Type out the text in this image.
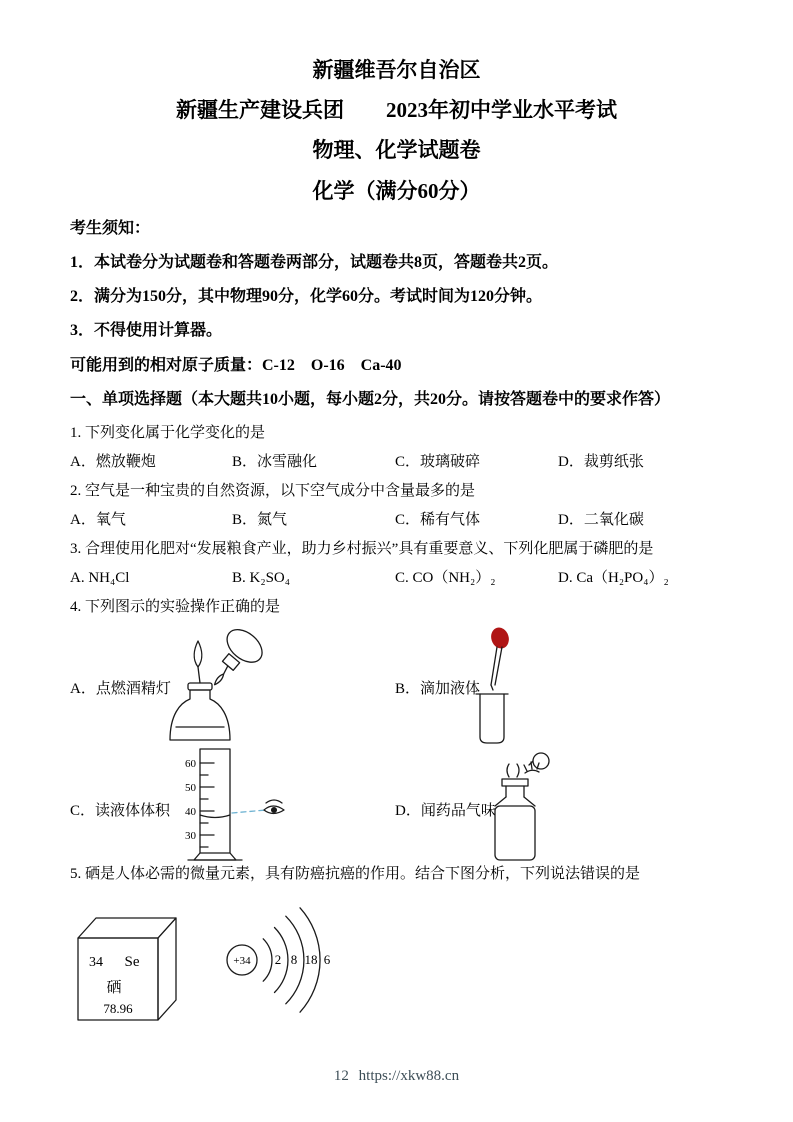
新疆维吾尔自治区
新疆生产建设兵团　　2023年初中学业水平考试
物理、化学试题卷
化学（满分60分）

考生须知：

1．本试卷分为试题卷和答题卷两部分，试题卷共8页，答题卷共2页。

2．满分为150分，其中物理90分，化学60分。考试时间为120分钟。

3．不得使用计算器。

可能用到的相对原子质量：C-12　O-16　Ca-40

一、单项选择题（本大题共10小题，每小题2分，共20分。请按答题卷中的要求作答）

1. 下列变化属于化学变化的是

A．燃放鞭炮	B．冰雪融化	C．玻璃破碎	D．裁剪纸张

2. 空气是一种宝贵的自然资源，以下空气成分中含量最多的是

A．氧气	B．氮气	C．稀有气体	D．二氧化碳

3. 合理使用化肥对“发展粮食产业，助力乡村振兴”具有重要意义、下列化肥属于磷肥的是

A. NH₄Cl	B. K₂SO₄	C. CO（NH₂）₂	D. Ca（H₂PO₄）₂

4. 下列图示的实验操作正确的是

A．点燃酒精灯	B．滴加液体
C．读液体体积
60
50
40
30
D．闻药品气味

5. 硒是人体必需的微量元素，具有防癌抗癌的作用。结合下图分析，下列说法错误的是

34 Se
硒
78.96
+34 2 8 18 6
12 https://xkw88.cn
